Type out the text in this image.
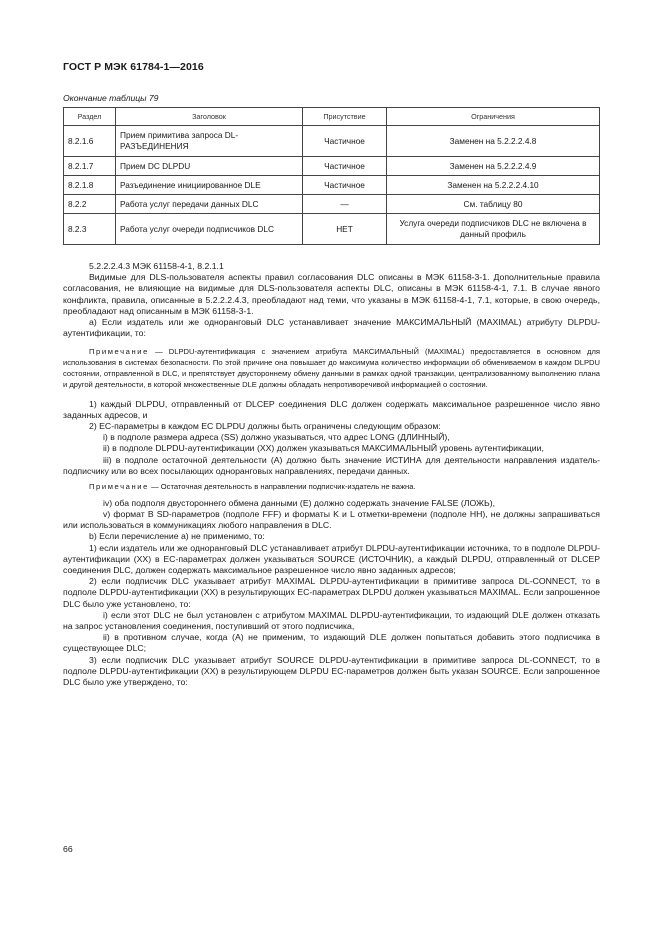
ГОСТ Р МЭК 61784-1—2016
Окончание таблицы 79
Раздел	Заголовок	Присутствие	Ограничения
8.2.1.6	Прием примитива запроса DL-РАЗЪЕДИНЕНИЯ	Частичное	Заменен на 5.2.2.2.4.8
8.2.1.7	Прием DC DLPDU	Частичное	Заменен на 5.2.2.2.4.9
8.2.1.8	Разъединение инициированное DLE	Частичное	Заменен на 5.2.2.2.4.10
8.2.2	Работа услуг передачи данных DLC	—	См. таблицу 80
8.2.3	Работа услуг очереди подписчиков DLC	НЕТ	Услуга очереди подписчиков DLC не включена в данный профиль

5.2.2.2.4.3 МЭК 61158-4-1, 8.2.1.1

Видимые для DLS-пользователя аспекты правил согласования DLC описаны в МЭК 61158-3-1. Дополнительные правила согласования, не влияющие на видимые для DLS-пользователя аспекты DLC, описаны в МЭК 61158-4-1, 7.1. В случае явного конфликта, правила, описанные в 5.2.2.2.4.3, преобладают над теми, что указаны в МЭК 61158-4-1, 7.1, которые, в свою очередь, преобладают над описанным в МЭК 61158-3-1.

а) Если издатель или же одноранговый DLC устанавливает значение МАКСИМАЛЬНЫЙ (MAXIMAL) атрибуту DLPDU-аутентификации, то:

Примечание — DLPDU-аутентификация с значением атрибута МАКСИМАЛЬНЫЙ (MAXIMAL) предоставляется в основном для использования в системах безопасности. По этой причине она повышает до максимума количество информации об обмениваемом в каждом DLPDU состоянии, отправленной в DLC, и препятствует двустороннему обмену данными в рамках одной транзакции, централизованному выполнению плана и другой деятельности, в которой множественные DLE должны обладать непротиворечивой информацией о состоянии.

1) каждый DLPDU, отправленный от DLCEP соединения DLC должен содержать максимальное разрешенное число явно заданных адресов, и

2) EC-параметры в каждом EC DLPDU должны быть ограничены следующим образом:

i) в подполе размера адреса (SS) должно указываться, что адрес LONG (ДЛИННЫЙ),

ii) в подполе DLPDU-аутентификации (XX) должен указываться МАКСИМАЛЬНЫЙ уровень аутентификации,

iii) в подполе остаточной деятельности (A) должно быть значение ИСТИНА для деятельности направления издатель-подписчику или во всех посылающих одноранговых направлениях, передачи данных.

Примечание — Остаточная деятельность в направлении подписчик-издатель не важна.

iv) оба подполя двустороннего обмена данными (E) должно содержать значение FALSE (ЛОЖЬ),

v) формат B SD-параметров (подполе FFF) и форматы K и L отметки-времени (подполе HH), не должны запрашиваться или использоваться в коммуникациях любого направления в DLC.

b) Если перечисление а) не применимо, то:

1) если издатель или же одноранговый DLC устанавливает атрибут DLPDU-аутентификации источника, то в подполе DLPDU-аутентификации (XX) в EC-параметрах должен указываться SOURCE (ИСТОЧНИК), а каждый DLPDU, отправленный от DLCEP соединения DLC, должен содержать максимальное разрешенное число явно заданных адресов;

2) если подписчик DLC указывает атрибут MAXIMAL DLPDU-аутентификации в примитиве запроса DL-CONNECT, то в подполе DLPDU-аутентификации (XX) в результирующих EC-параметрах DLPDU должен указываться MAXIMAL. Если запрошенное DLC было уже установлено, то:

i) если этот DLC не был установлен с атрибутом MAXIMAL DLPDU-аутентификации, то издающий DLE должен отказать на запрос установления соединения, поступивший от этого подписчика,

ii) в противном случае, когда (A) не применим, то издающий DLE должен попытаться добавить этого подписчика в существующее DLC;

3) если подписчик DLC указывает атрибут SOURCE DLPDU-аутентификации в примитиве запроса DL-CONNECT, то в подполе DLPDU-аутентификации (XX) в результирующем DLPDU EC-параметров должен быть указан SOURCE. Если запрошенное DLC было уже утверждено, то:

66
